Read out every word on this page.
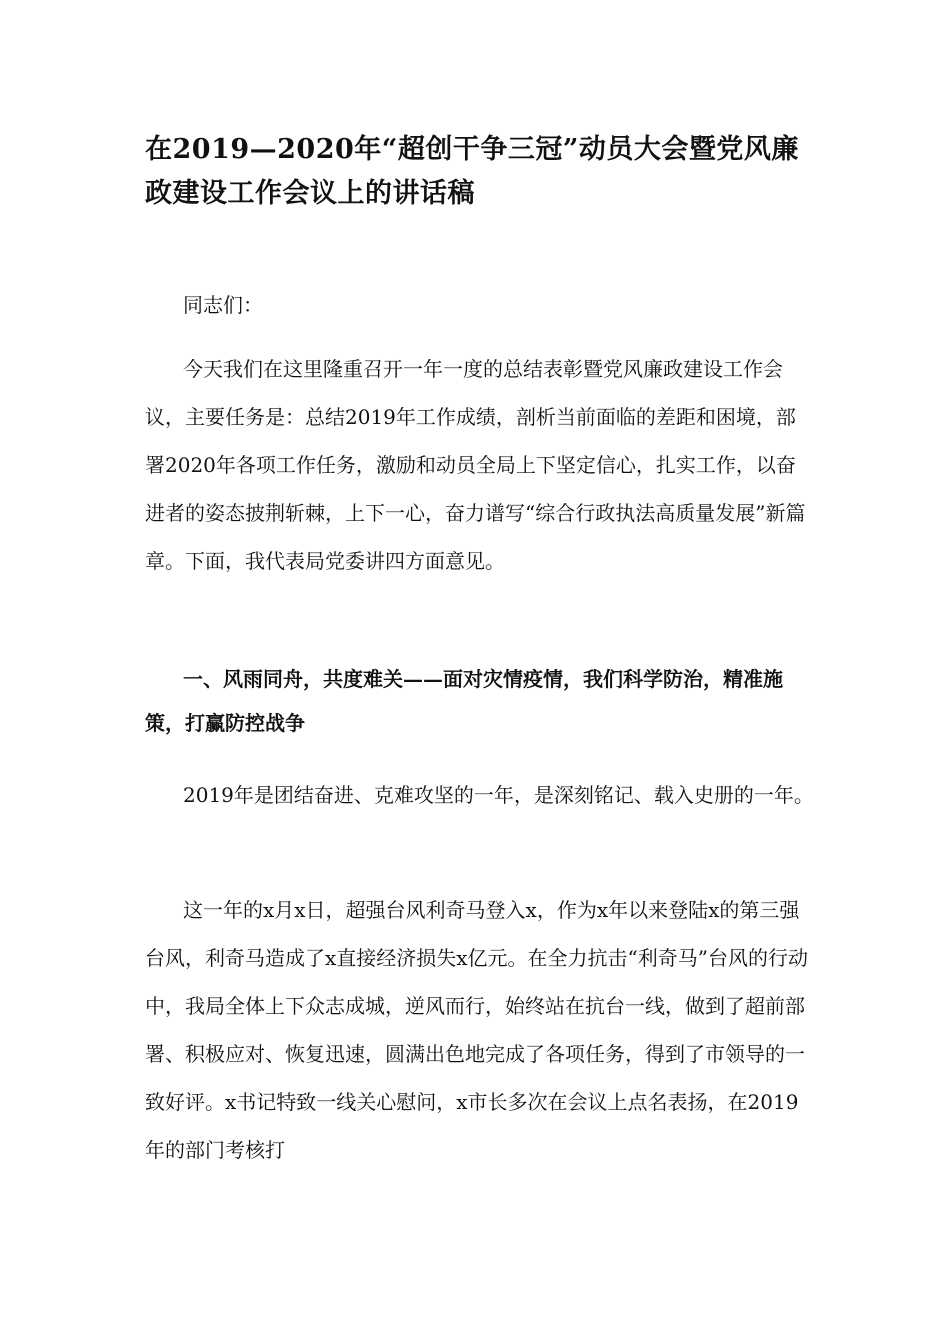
在2019—2020年“超创干争三冠”动员大会暨党风廉政建设工作会议上的讲话稿

同志们：

今天我们在这里隆重召开一年一度的总结表彰暨党风廉政建设工作会议，主要任务是：总结2019年工作成绩，剖析当前面临的差距和困境，部署2020年各项工作任务，激励和动员全局上下坚定信心，扎实工作，以奋进者的姿态披荆斩棘，上下一心，奋力谱写“综合行政执法高质量发展”新篇章。下面，我代表局党委讲四方面意见。

一、风雨同舟，共度难关——面对灾情疫情，我们科学防治，精准施策，打赢防控战争

2019年是团结奋进、克难攻坚的一年，是深刻铭记、载入史册的一年。

这一年的x月x日，超强台风利奇马登入x，作为x年以来登陆x的第三强台风，利奇马造成了x直接经济损失x亿元。在全力抗击“利奇马”台风的行动中，我局全体上下众志成城，逆风而行，始终站在抗台一线，做到了超前部署、积极应对、恢复迅速，圆满出色地完成了各项任务，得到了市领导的一致好评。x书记特致一线关心慰问，x市长多次在会议上点名表扬，在2019年的部门考核打
